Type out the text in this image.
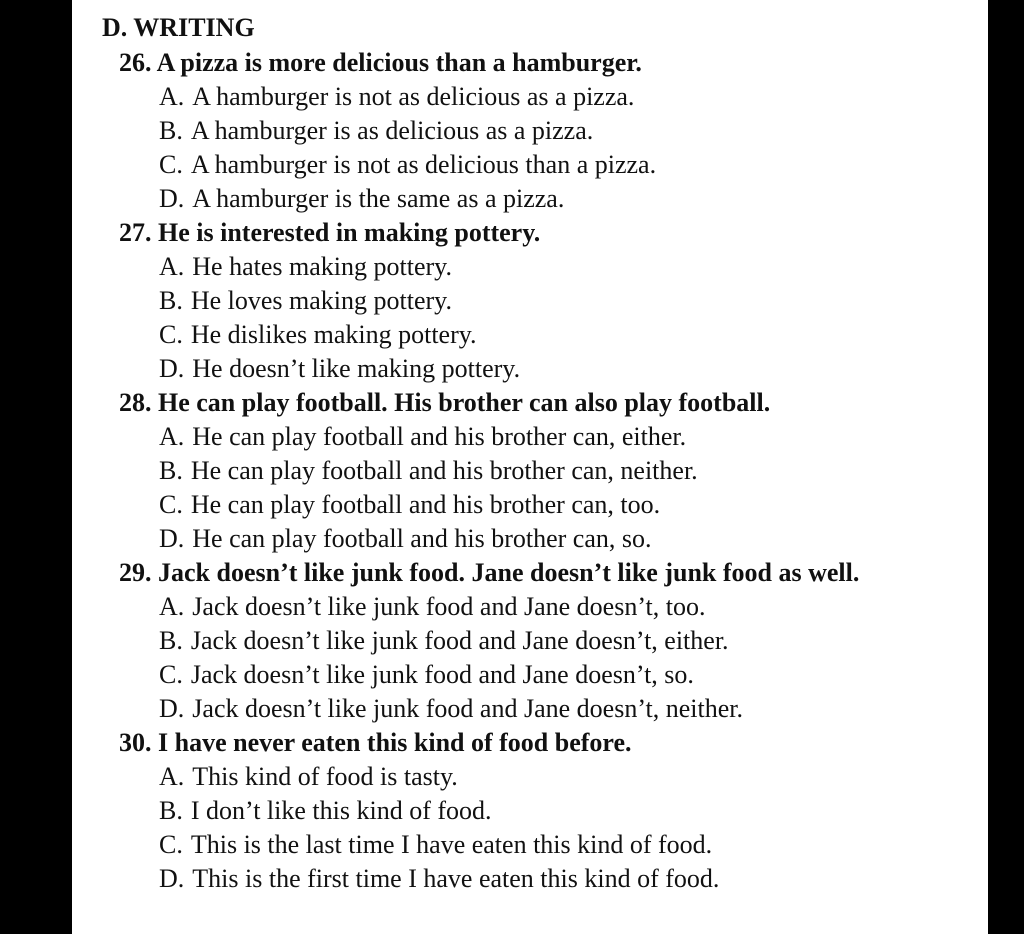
D. WRITING
26. A pizza is more delicious than a hamburger.
A. A hamburger is not as delicious as a pizza.
B. A hamburger is as delicious as a pizza.
C. A hamburger is not as delicious than a pizza.
D. A hamburger is the same as a pizza.
27. He is interested in making pottery.
A. He hates making pottery.
B. He loves making pottery.
C. He dislikes making pottery.
D. He doesn’t like making pottery.
28. He can play football. His brother can also play football.
A. He can play football and his brother can, either.
B. He can play football and his brother can, neither.
C. He can play football and his brother can, too.
D. He can play football and his brother can, so.
29. Jack doesn’t like junk food. Jane doesn’t like junk food as well.
A. Jack doesn’t like junk food and Jane doesn’t, too.
B. Jack doesn’t like junk food and Jane doesn’t, either.
C. Jack doesn’t like junk food and Jane doesn’t, so.
D. Jack doesn’t like junk food and Jane doesn’t, neither.
30. I have never eaten this kind of food before.
A. This kind of food is tasty.
B. I don’t like this kind of food.
C. This is the last time I have eaten this kind of food.
D. This is the first time I have eaten this kind of food.
